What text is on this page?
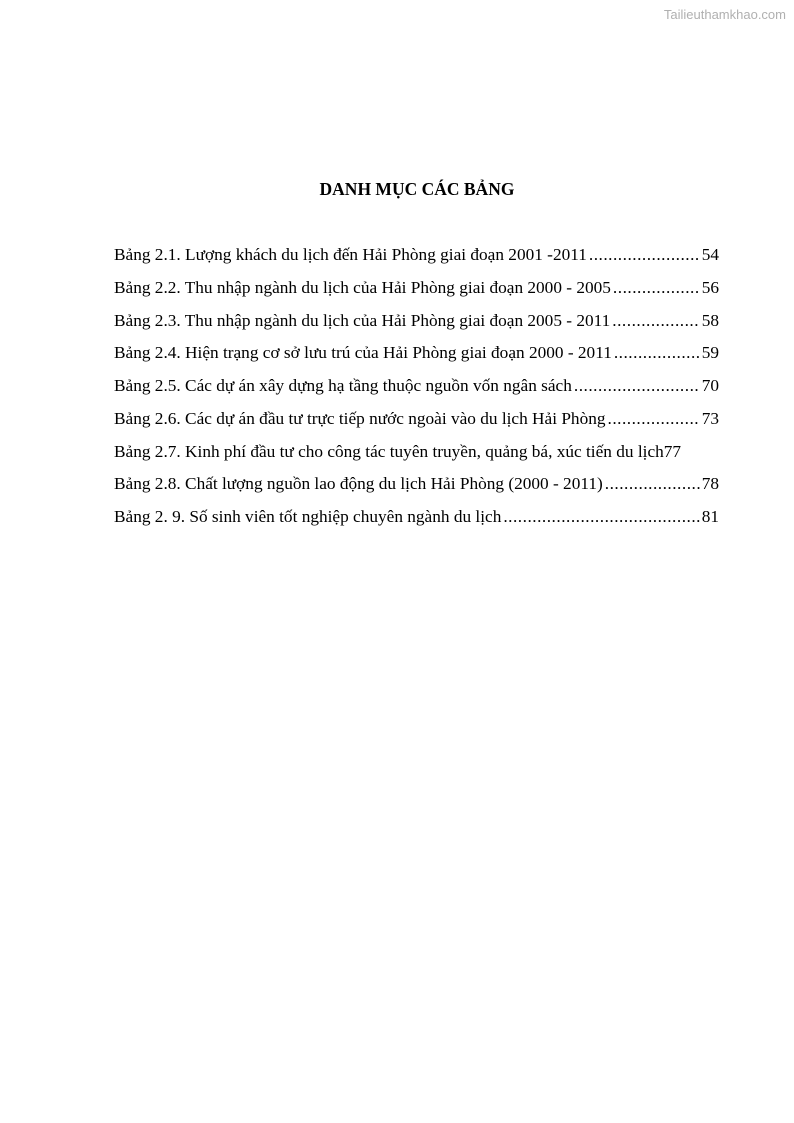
Tailieuthamkhao.com
DANH MỤC CÁC BẢNG
Bảng 2.1. Lượng khách du lịch đến Hải Phòng giai đoạn 2001 -2011 .....	54
Bảng 2.2. Thu nhập ngành du lịch của Hải Phòng giai đoạn 2000 - 2005 .....	56
Bảng 2.3. Thu nhập ngành du lịch của Hải Phòng giai đoạn 2005 - 2011 .....	58
Bảng 2.4. Hiện trạng cơ sở lưu trú của Hải Phòng giai đoạn 2000 - 2011 .....	59
Bảng 2.5. Các dự án xây dựng hạ tầng thuộc nguồn vốn ngân sách .....	70
Bảng 2.6. Các dự án đầu tư trực tiếp nước ngoài vào du lịch Hải Phòng .....	73
Bảng 2.7. Kinh phí đầu tư cho công tác tuyên truyền, quảng bá, xúc tiến du lịch 77
Bảng 2.8. Chất lượng nguồn lao động du lịch Hải Phòng (2000 - 2011) .....	78
Bảng 2. 9. Số sinh viên tốt nghiệp chuyên ngành du lịch .....	81
